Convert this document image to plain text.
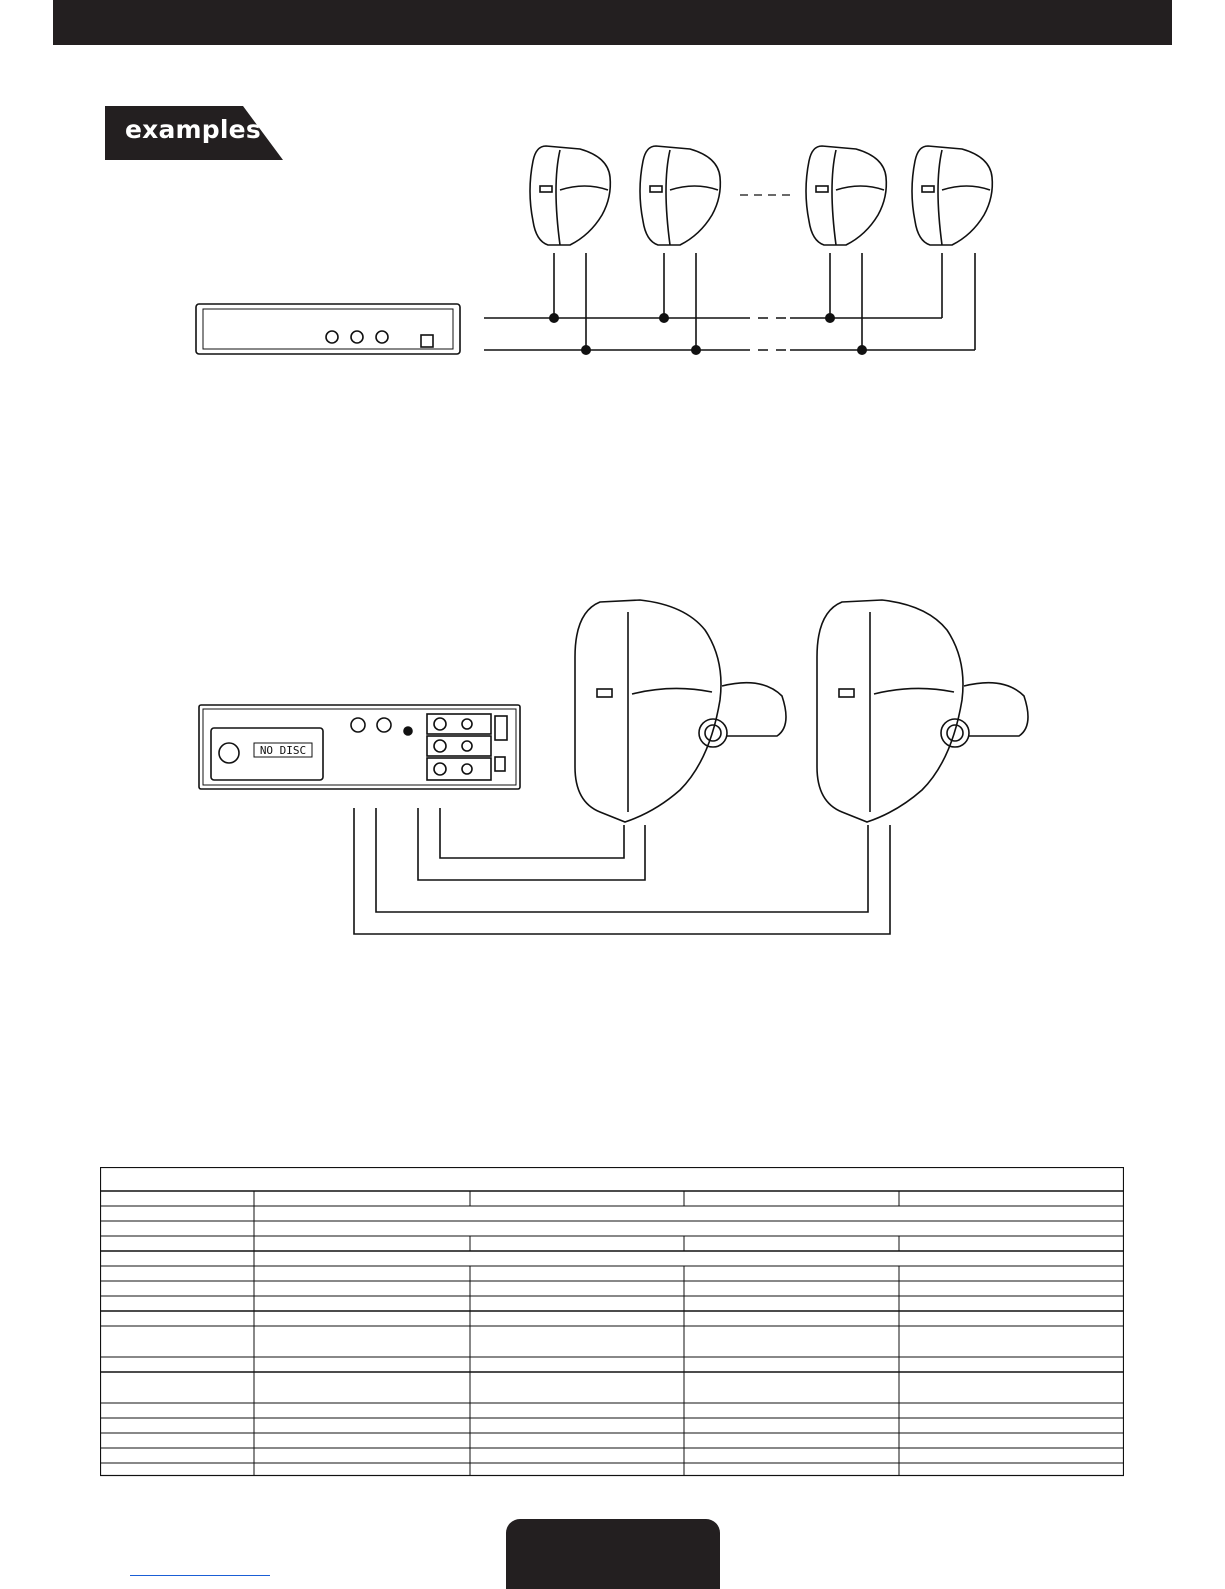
examples
NO DISC
